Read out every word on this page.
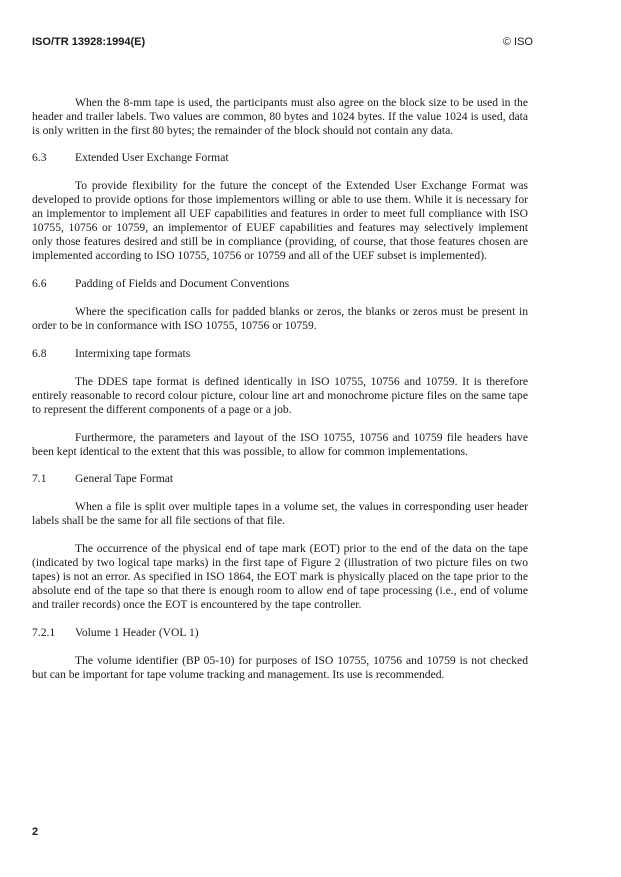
ISO/TR 13928:1994(E)	© ISO

When the 8-mm tape is used, the participants must also agree on the block size to be used in the header and trailer labels. Two values are common, 80 bytes and 1024 bytes. If the value 1024 is used, data is only written in the first 80 bytes; the remainder of the block should not contain any data.

6.3	Extended User Exchange Format

To provide flexibility for the future the concept of the Extended User Exchange Format was developed to provide options for those implementors willing or able to use them. While it is necessary for an implementor to implement all UEF capabilities and features in order to meet full compliance with ISO 10755, 10756 or 10759, an implementor of EUEF capabilities and features may selectively implement only those features desired and still be in compliance (providing, of course, that those features chosen are implemented according to ISO 10755, 10756 or 10759 and all of the UEF subset is implemented).

6.6	Padding of Fields and Document Conventions

Where the specification calls for padded blanks or zeros, the blanks or zeros must be present in order to be in conformance with ISO 10755, 10756 or 10759.

6.8	Intermixing tape formats

The DDES tape format is defined identically in ISO 10755, 10756 and 10759. It is therefore entirely reasonable to record colour picture, colour line art and monochrome picture files on the same tape to represent the different components of a page or a job.

Furthermore, the parameters and layout of the ISO 10755, 10756 and 10759 file headers have been kept identical to the extent that this was possible, to allow for common implementations.

7.1	General Tape Format

When a file is split over multiple tapes in a volume set, the values in corresponding user header labels shall be the same for all file sections of that file.

The occurrence of the physical end of tape mark (EOT) prior to the end of the data on the tape (indicated by two logical tape marks) in the first tape of Figure 2 (illustration of two picture files on two tapes) is not an error. As specified in ISO 1864, the EOT mark is physically placed on the tape prior to the absolute end of the tape so that there is enough room to allow end of tape processing (i.e., end of volume and trailer records) once the EOT is encountered by the tape controller.

7.2.1	Volume 1 Header (VOL 1)

The volume identifier (BP 05-10) for purposes of ISO 10755, 10756 and 10759 is not checked but can be important for tape volume tracking and management. Its use is recommended.

2
